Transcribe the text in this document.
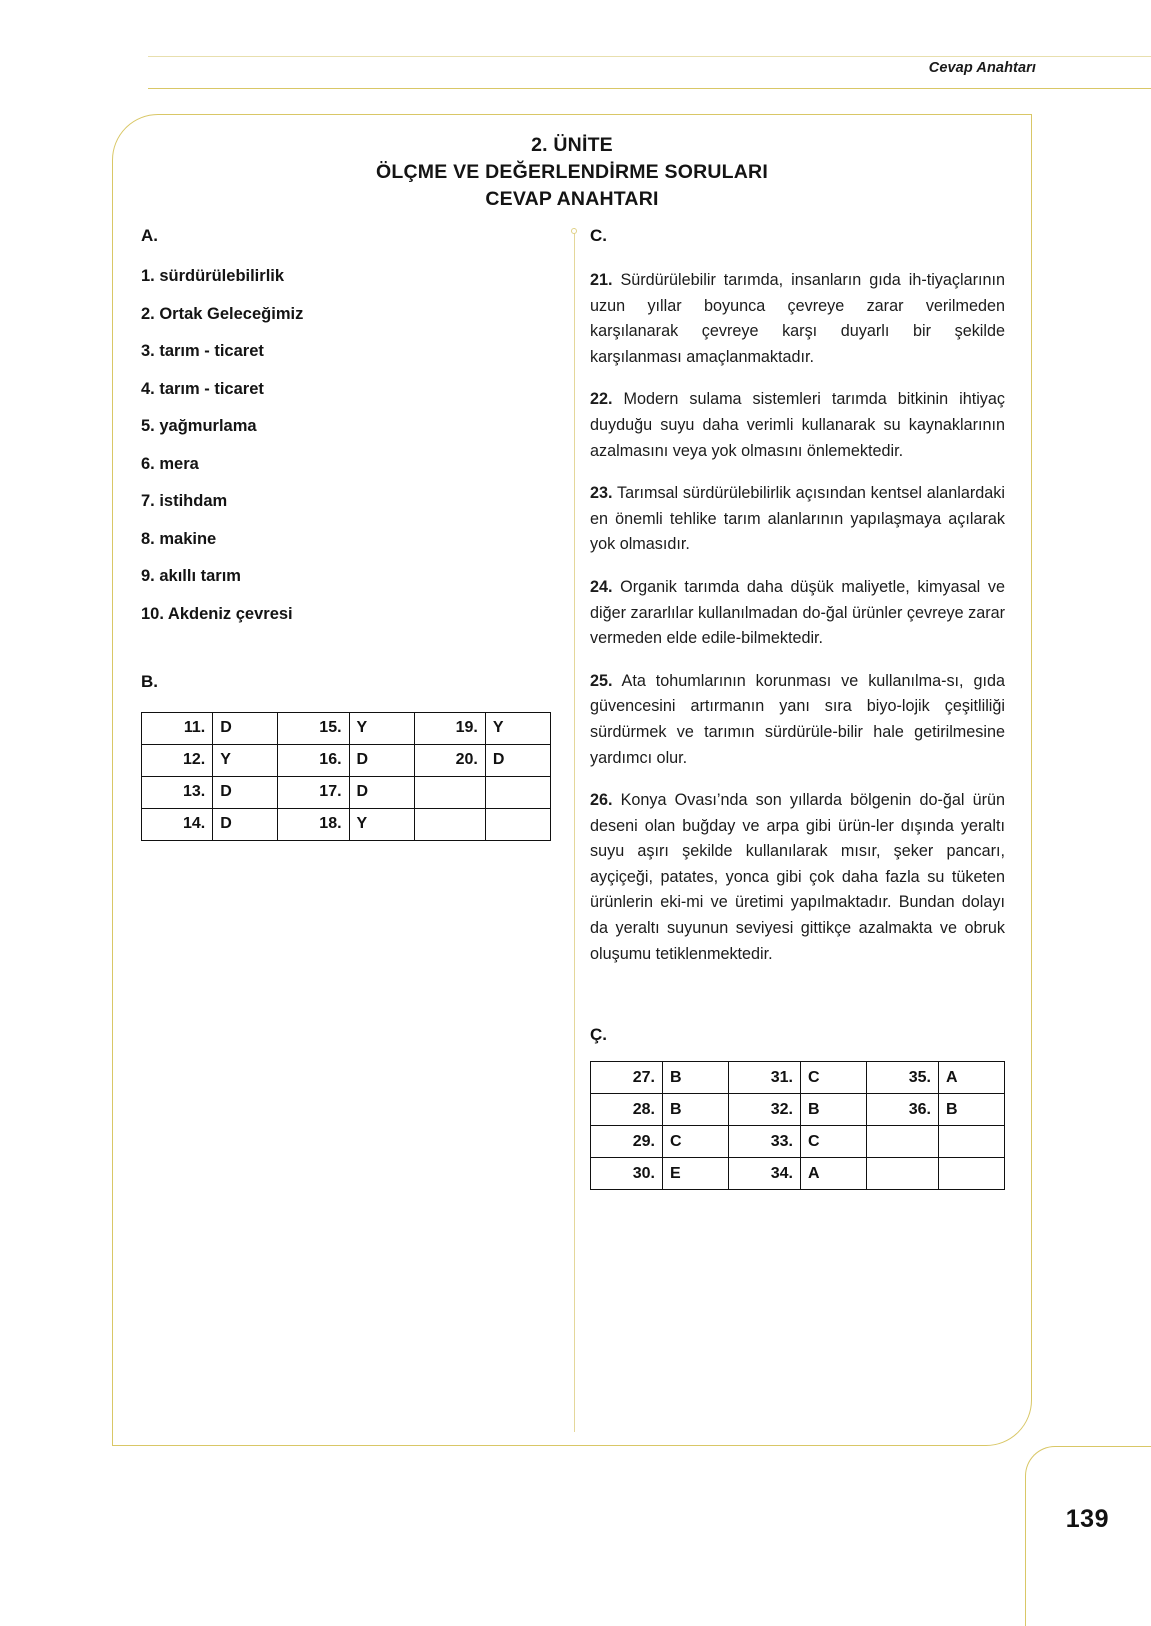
Cevap Anahtarı
139
2. ÜNİTE
ÖLÇME VE DEĞERLENDİRME SORULARI
CEVAP ANAHTARI
A.
1. sürdürülebilirlik
2. Ortak Geleceğimiz
3. tarım - ticaret
4. tarım - ticaret
5. yağmurlama
6. mera
7. istihdam
8. makine
9. akıllı tarım
10. Akdeniz çevresi
B.
11.	D	15.	Y	19.	Y
12.	Y	16.	D	20.	D
13.	D	17.	D		
14.	D	18.	Y		
C.

21. Sürdürülebilir tarımda, insanların gıda ih-tiyaçlarının uzun yıllar boyunca çevreye zarar verilmeden karşılanarak çevreye karşı duyarlı bir şekilde karşılanması amaçlanmaktadır.

22. Modern sulama sistemleri tarımda bitkinin ihtiyaç duyduğu suyu daha verimli kullanarak su kaynaklarının azalmasını veya yok olmasını önlemektedir.

23. Tarımsal sürdürülebilirlik açısından kentsel alanlardaki en önemli tehlike tarım alanlarının yapılaşmaya açılarak yok olmasıdır.

24. Organik tarımda daha düşük maliyetle, kimyasal ve diğer zararlılar kullanılmadan do-ğal ürünler çevreye zarar vermeden elde edile-bilmektedir.

25. Ata tohumlarının korunması ve kullanılma-sı, gıda güvencesini artırmanın yanı sıra biyo-lojik çeşitliliği sürdürmek ve tarımın sürdürüle-bilir hale getirilmesine yardımcı olur.

26. Konya Ovası’nda son yıllarda bölgenin do-ğal ürün deseni olan buğday ve arpa gibi ürün-ler dışında yeraltı suyu aşırı şekilde kullanılarak mısır, şeker pancarı, ayçiçeği, patates, yonca gibi çok daha fazla su tüketen ürünlerin eki-mi ve üretimi yapılmaktadır. Bundan dolayı da yeraltı suyunun seviyesi gittikçe azalmakta ve obruk oluşumu tetiklenmektedir.

Ç.
27.	B	31.	C	35.	A
28.	B	32.	B	36.	B
29.	C	33.	C		
30.	E	34.	A		
